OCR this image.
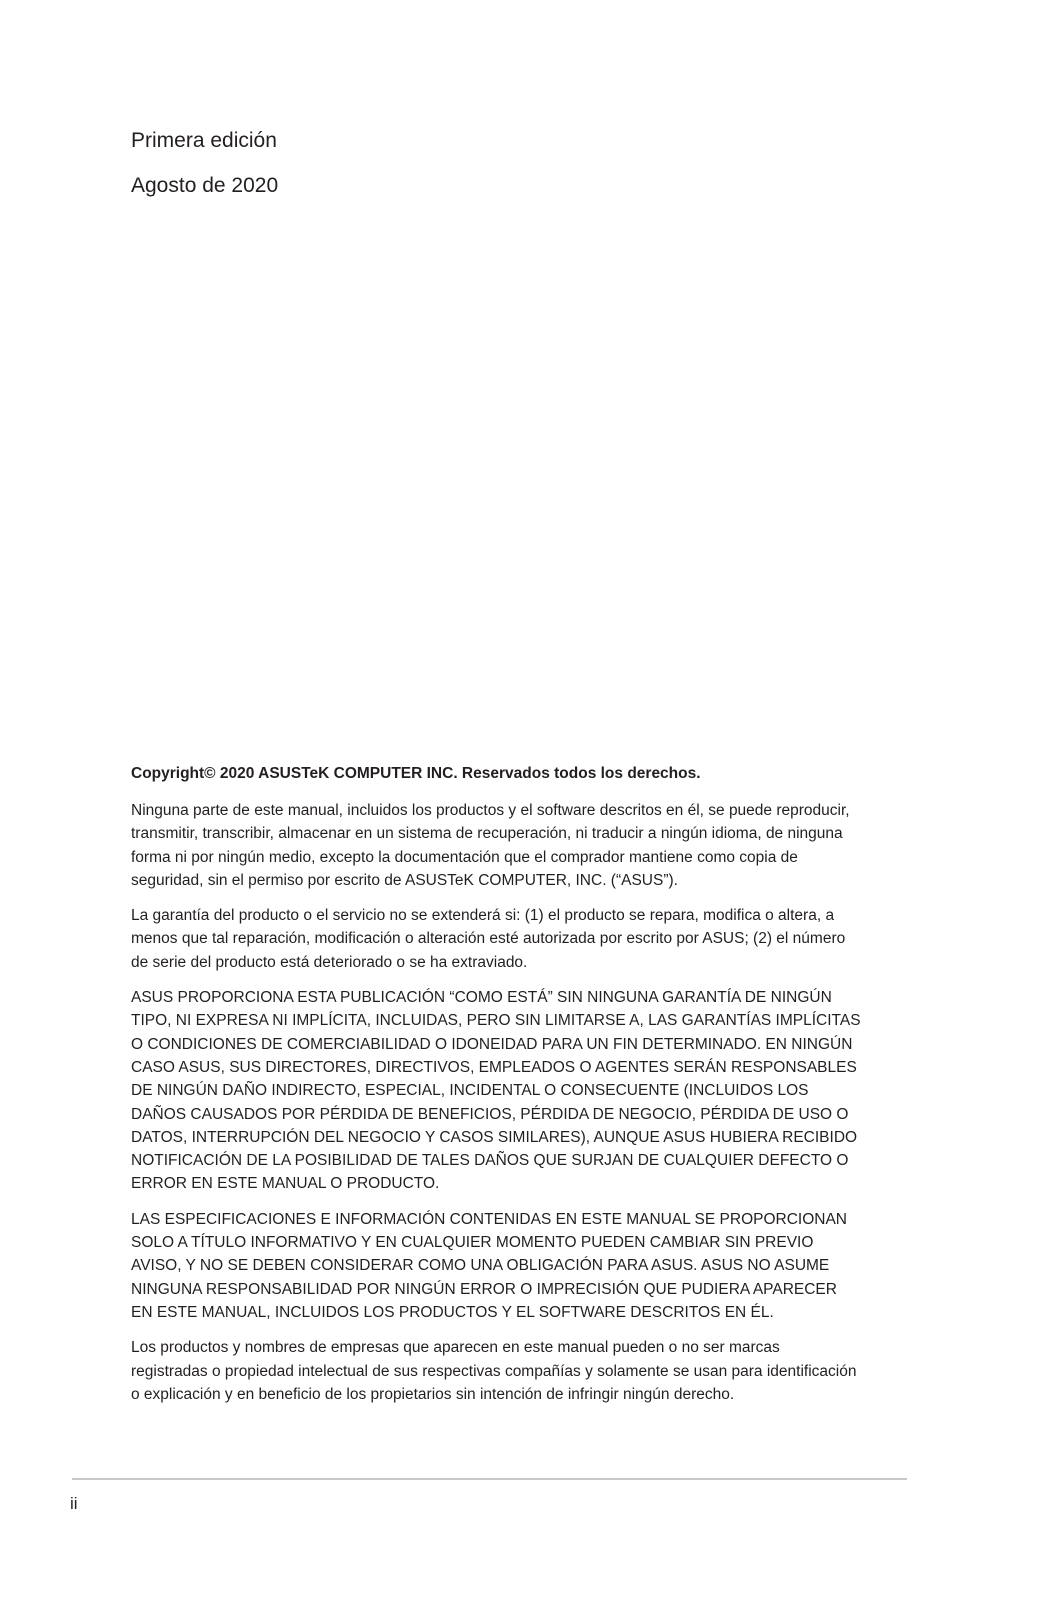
Primera edición
Agosto de 2020

Copyright© 2020 ASUSTeK COMPUTER INC. Reservados todos los derechos.

Ninguna parte de este manual, incluidos los productos y el software descritos en él, se puede reproducir,
transmitir, transcribir, almacenar en un sistema de recuperación, ni traducir a ningún idioma, de ninguna
forma ni por ningún medio, excepto la documentación que el comprador mantiene como copia de
seguridad, sin el permiso por escrito de ASUSTeK COMPUTER, INC. (“ASUS”).

La garantía del producto o el servicio no se extenderá si: (1) el producto se repara, modifica o altera, a
menos que tal reparación, modificación o alteración esté autorizada por escrito por ASUS; (2) el número
de serie del producto está deteriorado o se ha extraviado.

ASUS PROPORCIONA ESTA PUBLICACIÓN “COMO ESTÁ” SIN NINGUNA GARANTÍA DE NINGÚN
TIPO, NI EXPRESA NI IMPLÍCITA, INCLUIDAS, PERO SIN LIMITARSE A, LAS GARANTÍAS IMPLÍCITAS
O CONDICIONES DE COMERCIABILIDAD O IDONEIDAD PARA UN FIN DETERMINADO. EN NINGÚN
CASO ASUS, SUS DIRECTORES, DIRECTIVOS, EMPLEADOS O AGENTES SERÁN RESPONSABLES
DE NINGÚN DAÑO INDIRECTO, ESPECIAL, INCIDENTAL O CONSECUENTE (INCLUIDOS LOS
DAÑOS CAUSADOS POR PÉRDIDA DE BENEFICIOS, PÉRDIDA DE NEGOCIO, PÉRDIDA DE USO O
DATOS, INTERRUPCIÓN DEL NEGOCIO Y CASOS SIMILARES), AUNQUE ASUS HUBIERA RECIBIDO
NOTIFICACIÓN DE LA POSIBILIDAD DE TALES DAÑOS QUE SURJAN DE CUALQUIER DEFECTO O
ERROR EN ESTE MANUAL O PRODUCTO.

LAS ESPECIFICACIONES E INFORMACIÓN CONTENIDAS EN ESTE MANUAL SE PROPORCIONAN
SOLO A TÍTULO INFORMATIVO Y EN CUALQUIER MOMENTO PUEDEN CAMBIAR SIN PREVIO
AVISO, Y NO SE DEBEN CONSIDERAR COMO UNA OBLIGACIÓN PARA ASUS. ASUS NO ASUME
NINGUNA RESPONSABILIDAD POR NINGÚN ERROR O IMPRECISIÓN QUE PUDIERA APARECER
EN ESTE MANUAL, INCLUIDOS LOS PRODUCTOS Y EL SOFTWARE DESCRITOS EN ÉL.

Los productos y nombres de empresas que aparecen en este manual pueden o no ser marcas
registradas o propiedad intelectual de sus respectivas compañías y solamente se usan para identificación
o explicación y en beneficio de los propietarios sin intención de infringir ningún derecho.

ii
